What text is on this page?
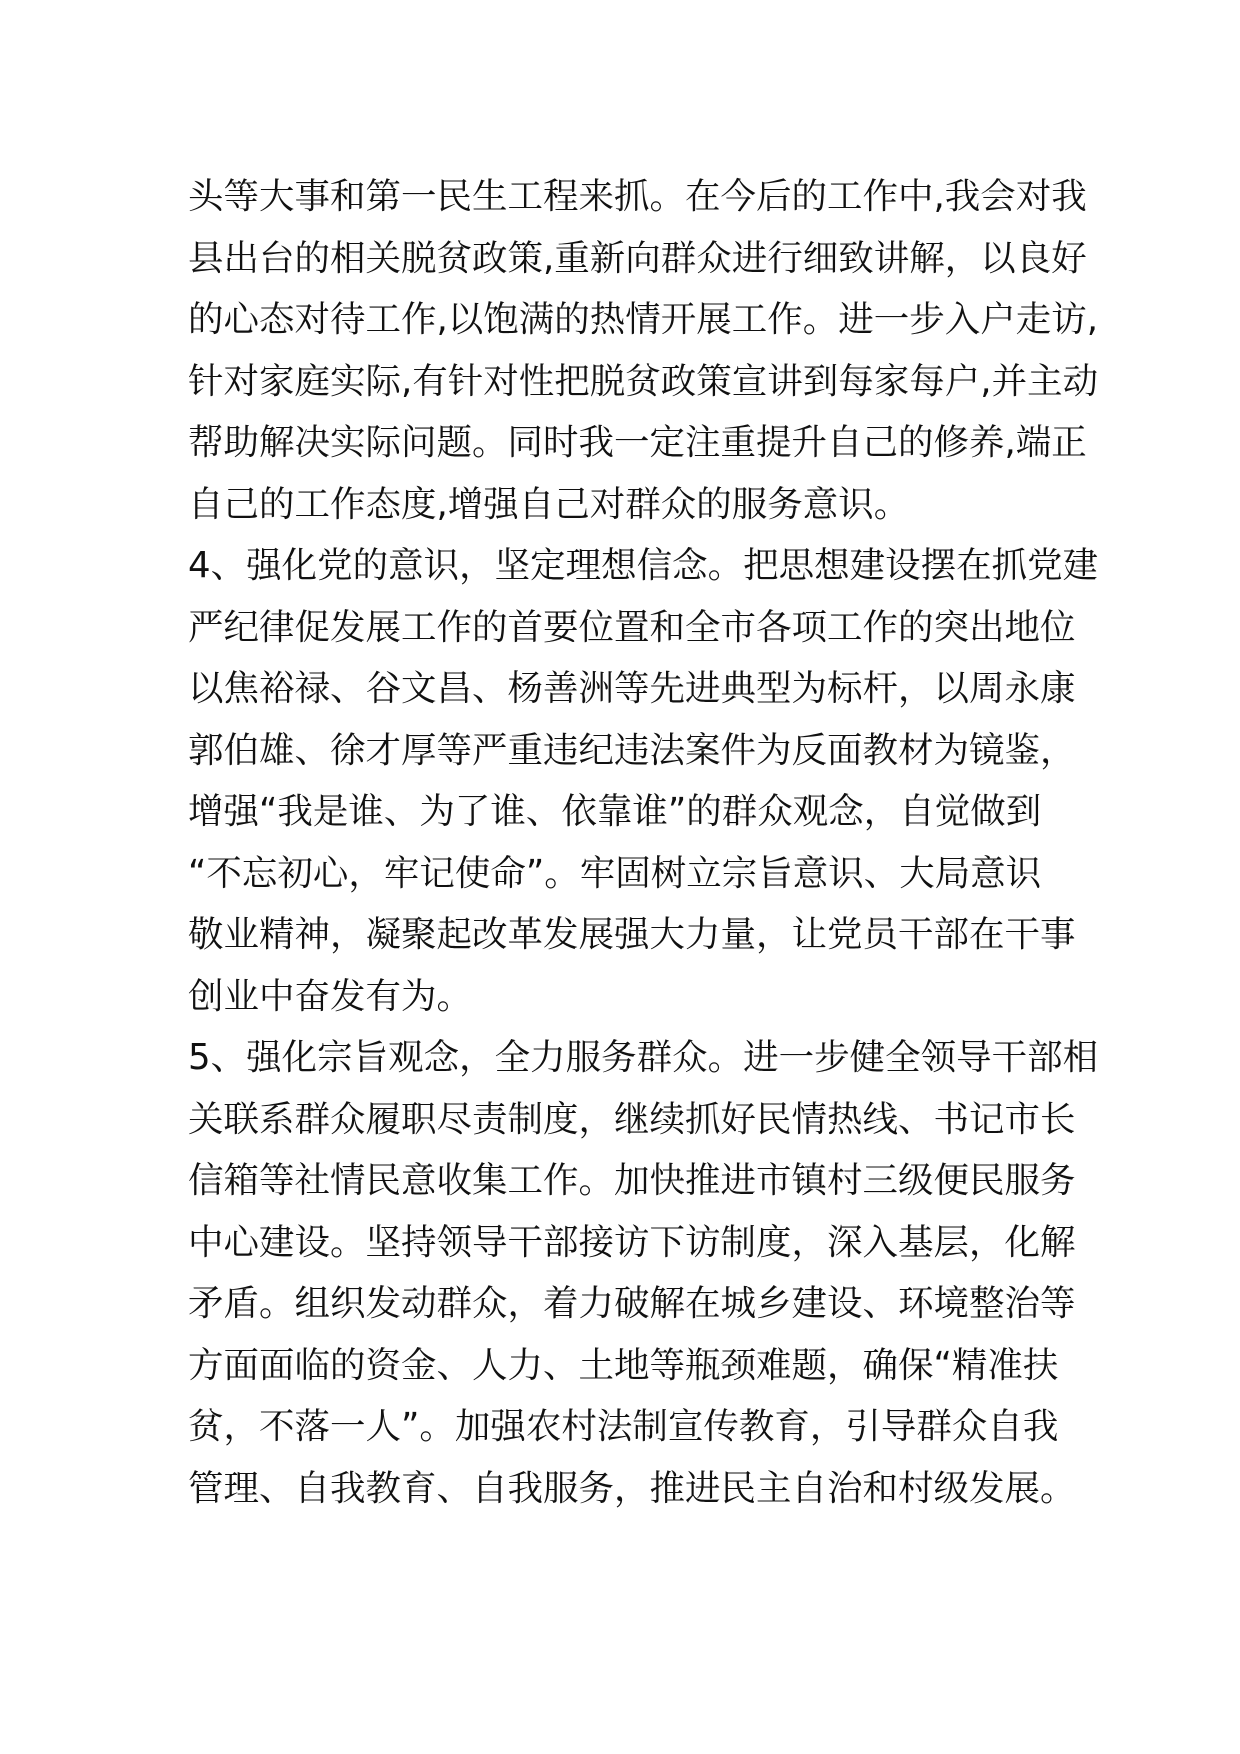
头等大事和第一民生工程来抓。在今后的工作中,我会对我
县出台的相关脱贫政策,重新向群众进行细致讲解，以良好
的心态对待工作,以饱满的热情开展工作。进一步入户走访,
针对家庭实际,有针对性把脱贫政策宣讲到每家每户,并主动
帮助解决实际问题。同时我一定注重提升自己的修养,端正
自己的工作态度,增强自己对群众的服务意识。
4、强化党的意识，坚定理想信念。把思想建设摆在抓党建
严纪律促发展工作的首要位置和全市各项工作的突出地位
以焦裕禄、谷文昌、杨善洲等先进典型为标杆，以周永康
郭伯雄、徐才厚等严重违纪违法案件为反面教材为镜鉴，
增强“我是谁、为了谁、依靠谁”的群众观念，自觉做到
“不忘初心，牢记使命”。牢固树立宗旨意识、大局意识
敬业精神，凝聚起改革发展强大力量，让党员干部在干事
创业中奋发有为。
5、强化宗旨观念，全力服务群众。进一步健全领导干部相
关联系群众履职尽责制度，继续抓好民情热线、书记市长
信箱等社情民意收集工作。加快推进市镇村三级便民服务
中心建设。坚持领导干部接访下访制度，深入基层，化解
矛盾。组织发动群众，着力破解在城乡建设、环境整治等
方面面临的资金、人力、土地等瓶颈难题，确保“精准扶
贫，不落一人”。加强农村法制宣传教育，引导群众自我
管理、自我教育、自我服务，推进民主自治和村级发展。
